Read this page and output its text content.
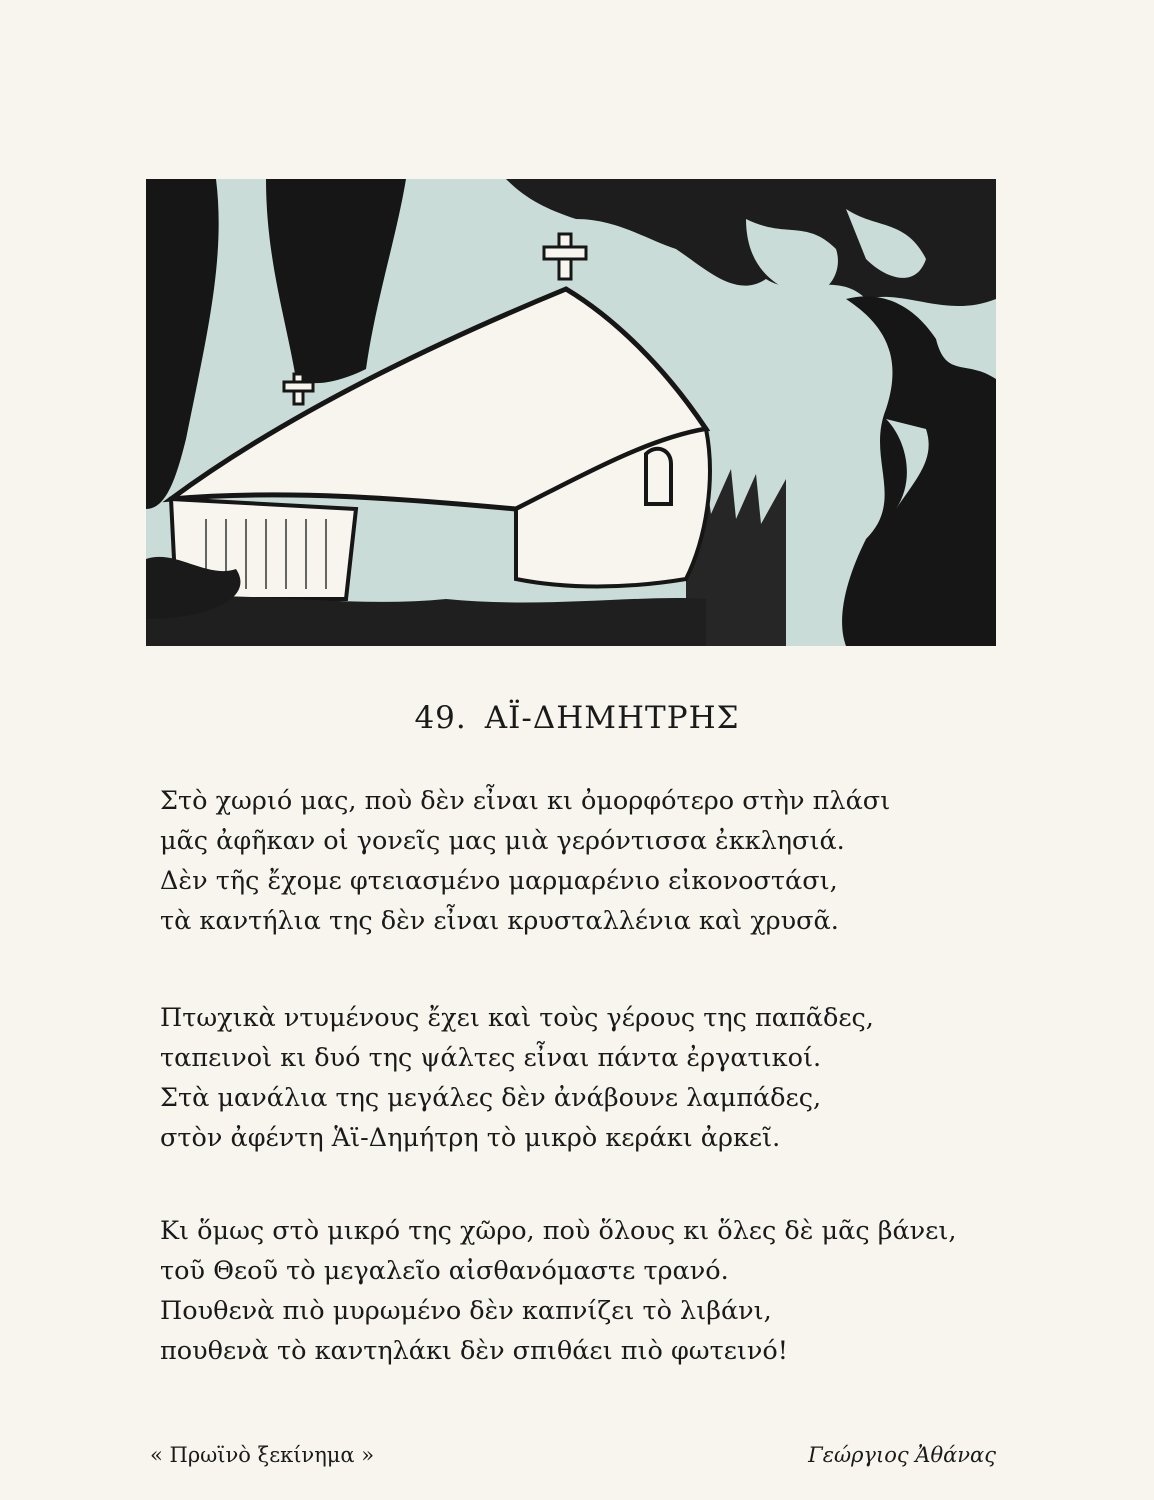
49. ΑΪ-ΔΗΜΗΤΡΗΣ
Στὸ χωριό μας, ποὺ δὲν εἶναι κι ὀμορφότερο στὴν πλάσι
μᾶς ἀφῆκαν οἱ γονεῖς μας μιὰ γερόντισσα ἐκκλησιά.
Δὲν τῆς ἔχομε φτειασμένο μαρμαρένιο εἰκονοστάσι,
τὰ καντήλια της δὲν εἶναι κρυσταλλένια καὶ χρυσᾶ.
Πτωχικὰ ντυμένους ἔχει καὶ τοὺς γέρους της παπᾶδες,
ταπεινοὶ κι δυό της ψάλτες εἶναι πάντα ἐργατικοί.
Στὰ μανάλια της μεγάλες δὲν ἀνάβουνε λαμπάδες,
στὸν ἀφέντη Ἁϊ-Δημήτρη τὸ μικρὸ κεράκι ἀρκεῖ.
Κι ὅμως στὸ μικρό της χῶρο, ποὺ ὅλους κι ὅλες δὲ μᾶς βάνει,
τοῦ Θεοῦ τὸ μεγαλεῖο αἰσθανόμαστε τρανό.
Πουθενὰ πιὸ μυρωμένο δὲν καπνίζει τὸ λιβάνι,
πουθενὰ τὸ καντηλάκι δὲν σπιθάει πιὸ φωτεινό!
« Πρωϊνὸ ξεκίνημα »	Γεώργιος Ἀθάνας
